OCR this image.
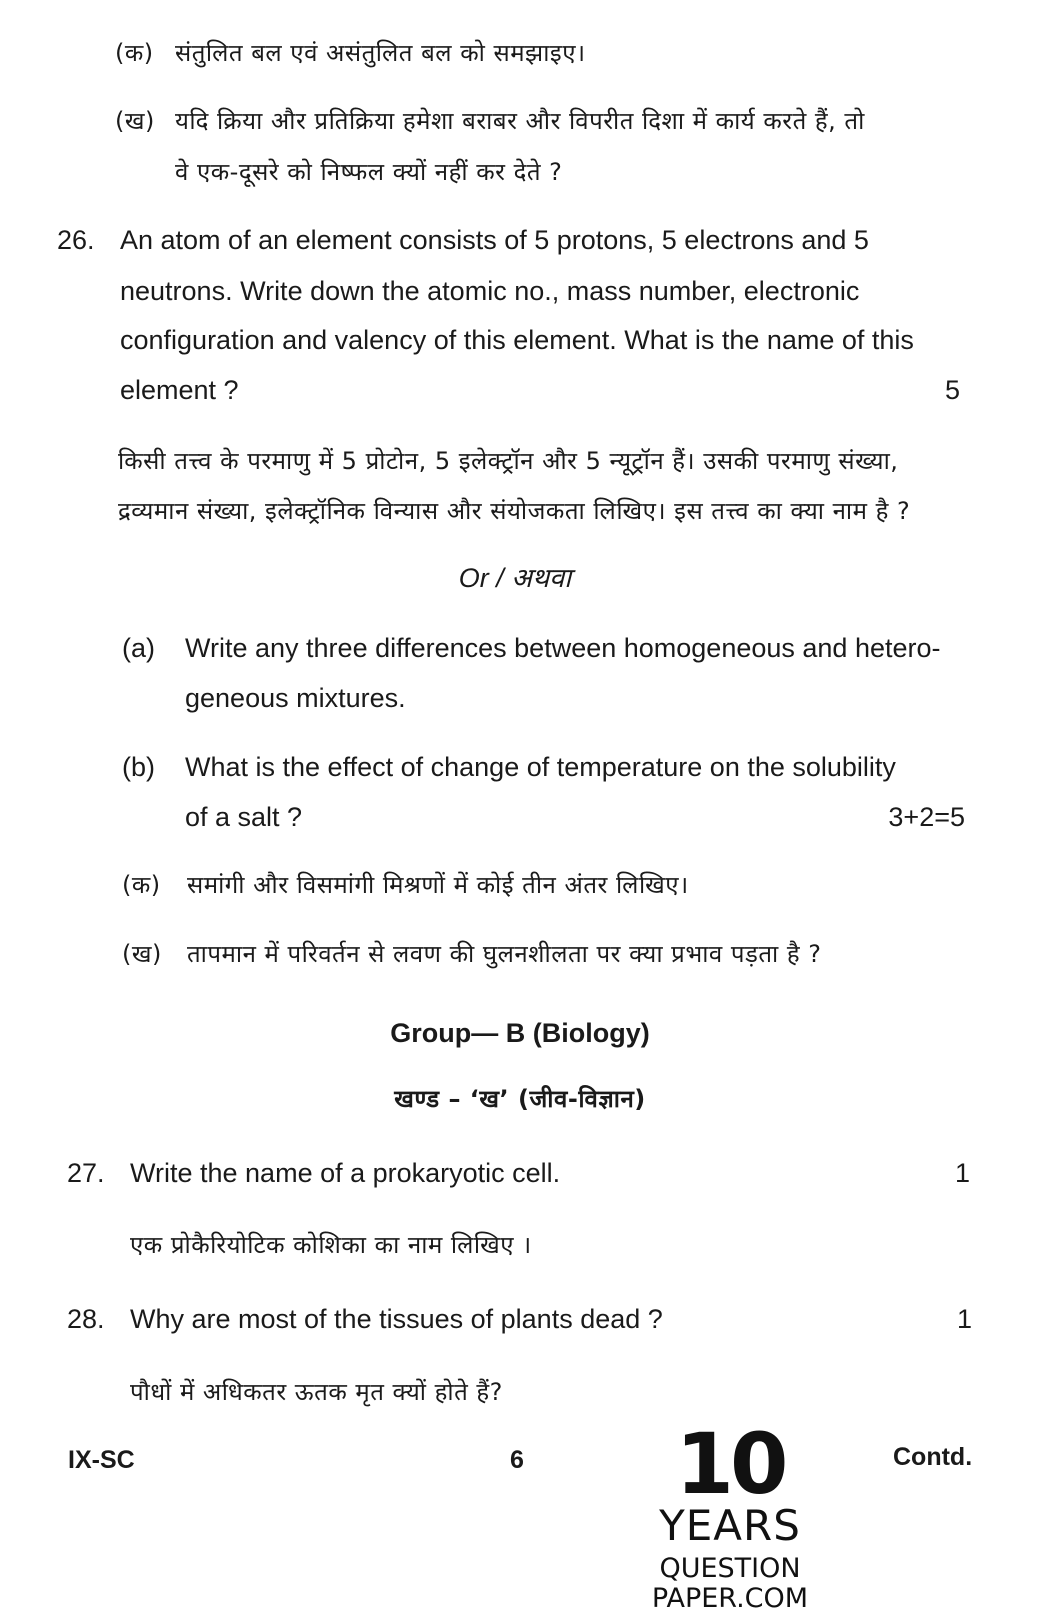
(क) संतुलित बल एवं असंतुलित बल को समझाइए।
(ख) यदि क्रिया और प्रतिक्रिया हमेशा बराबर और विपरीत दिशा में कार्य करते हैं, तो
वे एक-दूसरे को निष्फल क्यों नहीं कर देते ?
26. An atom of an element consists of 5 protons, 5 electrons and 5
neutrons. Write down the atomic no., mass number, electronic
configuration and valency of this element. What is the name of this
element ?	5
किसी तत्त्व के परमाणु में 5 प्रोटोन, 5 इलेक्ट्रॉन और 5 न्यूट्रॉन हैं। उसकी परमाणु संख्या,
द्रव्यमान संख्या, इलेक्ट्रॉनिक विन्यास और संयोजकता लिखिए। इस तत्त्व का क्या नाम है ?
Or / अथवा
(a) Write any three differences between homogeneous and hetero-
geneous mixtures.
(b) What is the effect of change of temperature on the solubility
of a salt ?	3+2=5
(क) समांगी और विसमांगी मिश्रणों में कोई तीन अंतर लिखिए।
(ख) तापमान में परिवर्तन से लवण की घुलनशीलता पर क्या प्रभाव पड़ता है ?
Group— B (Biology)
खण्ड – ‘ख’ (जीव-विज्ञान)
27. Write the name of a prokaryotic cell.	1
एक प्रोकैरियोटिक कोशिका का नाम लिखिए ।
28. Why are most of the tissues of plants dead ?	1
पौधों में अधिकतर ऊतक मृत क्यों होते हैं?
IX-SC	6	Contd.
10
YEARS
QUESTION PAPER.COM
